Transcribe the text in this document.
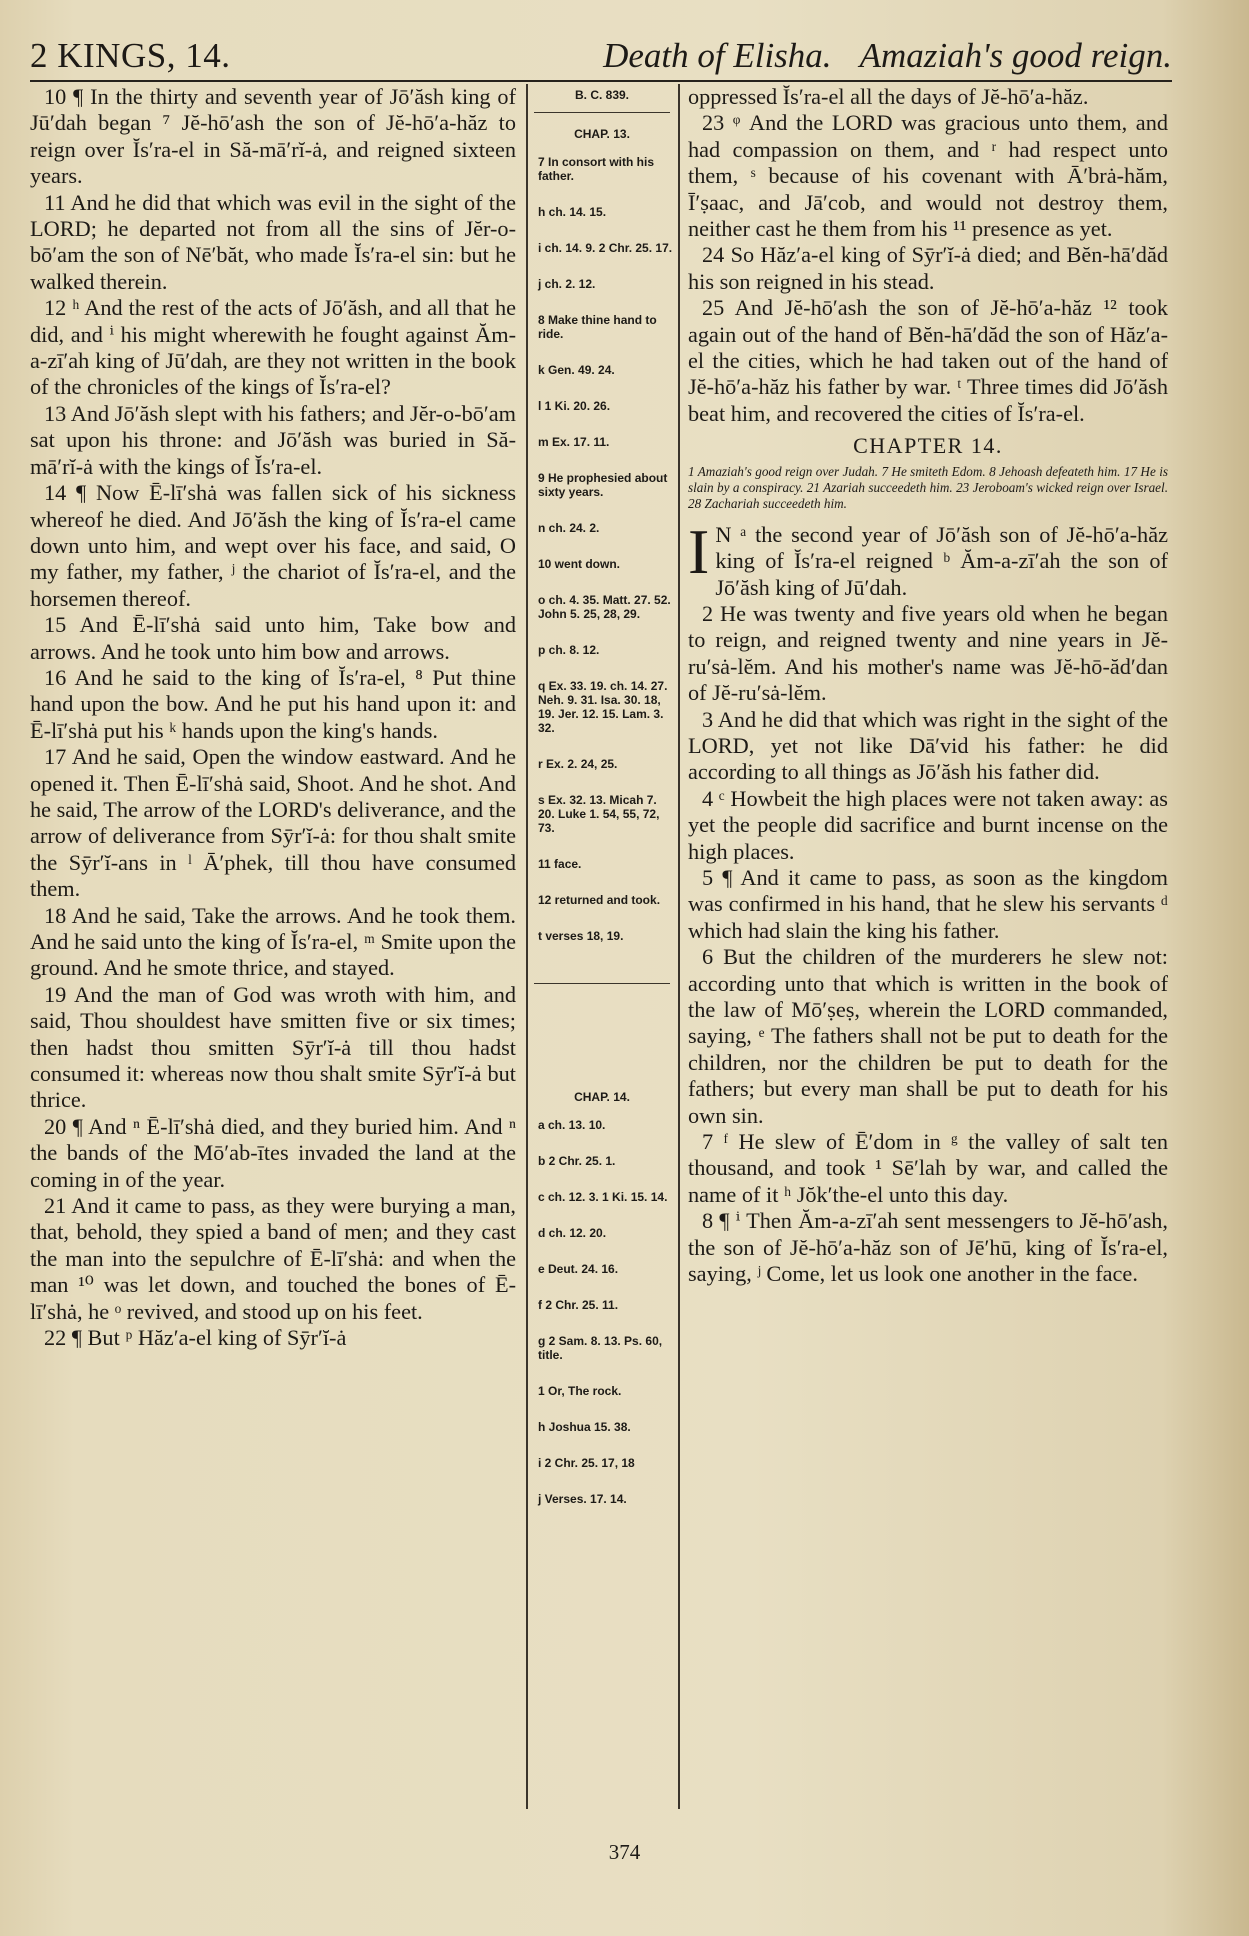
2 KINGS, 14.	Death of Elisha. Amaziah's good reign.

10 ¶ In the thirty and seventh year of Jō′ăsh king of Jū′dah began ⁷ Jĕ-hō′ash the son of Jĕ-hō′a-hăz to reign over Ĭs′ra-el in Să-mā′rĭ-ȧ, and reigned sixteen years.

11 And he did that which was evil in the sight of the LORD; he departed not from all the sins of Jĕr-o-bō′am the son of Nē′băt, who made Ĭs′ra-el sin: but he walked therein.

12 ʰ And the rest of the acts of Jō′ăsh, and all that he did, and ⁱ his might wherewith he fought against Ăm-a-zī′ah king of Jū′dah, are they not written in the book of the chronicles of the kings of Ĭs′ra-el?

13 And Jō′ăsh slept with his fathers; and Jĕr-o-bō′am sat upon his throne: and Jō′ăsh was buried in Să-mā′rĭ-ȧ with the kings of Ĭs′ra-el.

14 ¶ Now Ē-lī′shȧ was fallen sick of his sickness whereof he died. And Jō′ăsh the king of Ĭs′ra-el came down unto him, and wept over his face, and said, O my father, my father, ʲ the chariot of Ĭs′ra-el, and the horsemen thereof.

15 And Ē-lī′shȧ said unto him, Take bow and arrows. And he took unto him bow and arrows.

16 And he said to the king of Ĭs′ra-el, ⁸ Put thine hand upon the bow. And he put his hand upon it: and Ē-lī′shȧ put his ᵏ hands upon the king's hands.

17 And he said, Open the window eastward. And he opened it. Then Ē-lī′shȧ said, Shoot. And he shot. And he said, The arrow of the LORD's deliverance, and the arrow of deliverance from Sȳr′ĭ-ȧ: for thou shalt smite the Sȳr′ĭ-ans in ˡ Ā′phek, till thou have consumed them.

18 And he said, Take the arrows. And he took them. And he said unto the king of Ĭs′ra-el, ᵐ Smite upon the ground. And he smote thrice, and stayed.

19 And the man of God was wroth with him, and said, Thou shouldest have smitten five or six times; then hadst thou smitten Sȳr′ĭ-ȧ till thou hadst consumed it: whereas now thou shalt smite Sȳr′ĭ-ȧ but thrice.

20 ¶ And ⁿ Ē-lī′shȧ died, and they buried him. And ⁿ the bands of the Mō′ab-ītes invaded the land at the coming in of the year.

21 And it came to pass, as they were burying a man, that, behold, they spied a band of men; and they cast the man into the sepulchre of Ē-lī′shȧ: and when the man ¹⁰ was let down, and touched the bones of Ē-lī′shȧ, he ᵒ revived, and stood up on his feet.

22 ¶ But ᵖ Hăz′a-el king of Sȳr′ĭ-ȧ

B. C. 839.
CHAP. 13.
7 In consort with his father.
h ch. 14. 15.
i ch. 14. 9. 2 Chr. 25. 17.
j ch. 2. 12.
8 Make thine hand to ride.
k Gen. 49. 24.
l 1 Ki. 20. 26.
m Ex. 17. 11.
9 He prophesied about sixty years.
n ch. 24. 2.
10 went down.
o ch. 4. 35. Matt. 27. 52. John 5. 25, 28, 29.
p ch. 8. 12.
q Ex. 33. 19. ch. 14. 27. Neh. 9. 31. Isa. 30. 18, 19. Jer. 12. 15. Lam. 3. 32.
r Ex. 2. 24, 25.
s Ex. 32. 13. Micah 7. 20. Luke 1. 54, 55, 72, 73.
11 face.
12 returned and took.
t verses 18, 19.
CHAP. 14.
a ch. 13. 10.
b 2 Chr. 25. 1.
c ch. 12. 3. 1 Ki. 15. 14.
d ch. 12. 20.
e Deut. 24. 16.
f 2 Chr. 25. 11.
g 2 Sam. 8. 13. Ps. 60, title.
1 Or, The rock.
h Joshua 15. 38.
i 2 Chr. 25. 17, 18
j Verses. 17. 14.

oppressed Ĭs′ra-el all the days of Jĕ-hō′a-hăz.

23 ᵠ And the LORD was gracious unto them, and had compassion on them, and ʳ had respect unto them, ˢ because of his covenant with Ā′brȧ-hăm, Ī′ṣaac, and Jā′cob, and would not destroy them, neither cast he them from his ¹¹ presence as yet.

24 So Hăz′a-el king of Sȳr′ĭ-ȧ died; and Bĕn-hā′dăd his son reigned in his stead.

25 And Jĕ-hō′ash the son of Jĕ-hō′a-hăz ¹² took again out of the hand of Bĕn-hā′dăd the son of Hăz′a-el the cities, which he had taken out of the hand of Jĕ-hō′a-hăz his father by war. ᵗ Three times did Jō′ăsh beat him, and recovered the cities of Ĭs′ra-el.

CHAPTER 14.

1 Amaziah's good reign over Judah. 7 He smiteth Edom. 8 Jehoash defeateth him. 17 He is slain by a conspiracy. 21 Azariah succeedeth him. 23 Jeroboam's wicked reign over Israel. 28 Zachariah succeedeth him.

I N ᵃ the second year of Jō′ăsh son of Jĕ-hō′a-hăz king of Ĭs′ra-el reigned ᵇ Ăm-a-zī′ah the son of Jō′ăsh king of Jū′dah.

2 He was twenty and five years old when he began to reign, and reigned twenty and nine years in Jĕ-ru′sȧ-lĕm. And his mother's name was Jĕ-hō-ăd′dan of Jĕ-ru′sȧ-lĕm.

3 And he did that which was right in the sight of the LORD, yet not like Dā′vid his father: he did according to all things as Jō′ăsh his father did.

4 ᶜ Howbeit the high places were not taken away: as yet the people did sacrifice and burnt incense on the high places.

5 ¶ And it came to pass, as soon as the kingdom was confirmed in his hand, that he slew his servants ᵈ which had slain the king his father.

6 But the children of the murderers he slew not: according unto that which is written in the book of the law of Mō′ṣeṣ, wherein the LORD commanded, saying, ᵉ The fathers shall not be put to death for the children, nor the children be put to death for the fathers; but every man shall be put to death for his own sin.

7 ᶠ He slew of Ē′dom in ᵍ the valley of salt ten thousand, and took ¹ Sē′lah by war, and called the name of it ʰ Jŏk′the-el unto this day.

8 ¶ ⁱ Then Ăm-a-zī′ah sent messengers to Jĕ-hō′ash, the son of Jĕ-hō′a-hăz son of Jē′hū, king of Ĭs′ra-el, saying, ʲ Come, let us look one another in the face.

374
